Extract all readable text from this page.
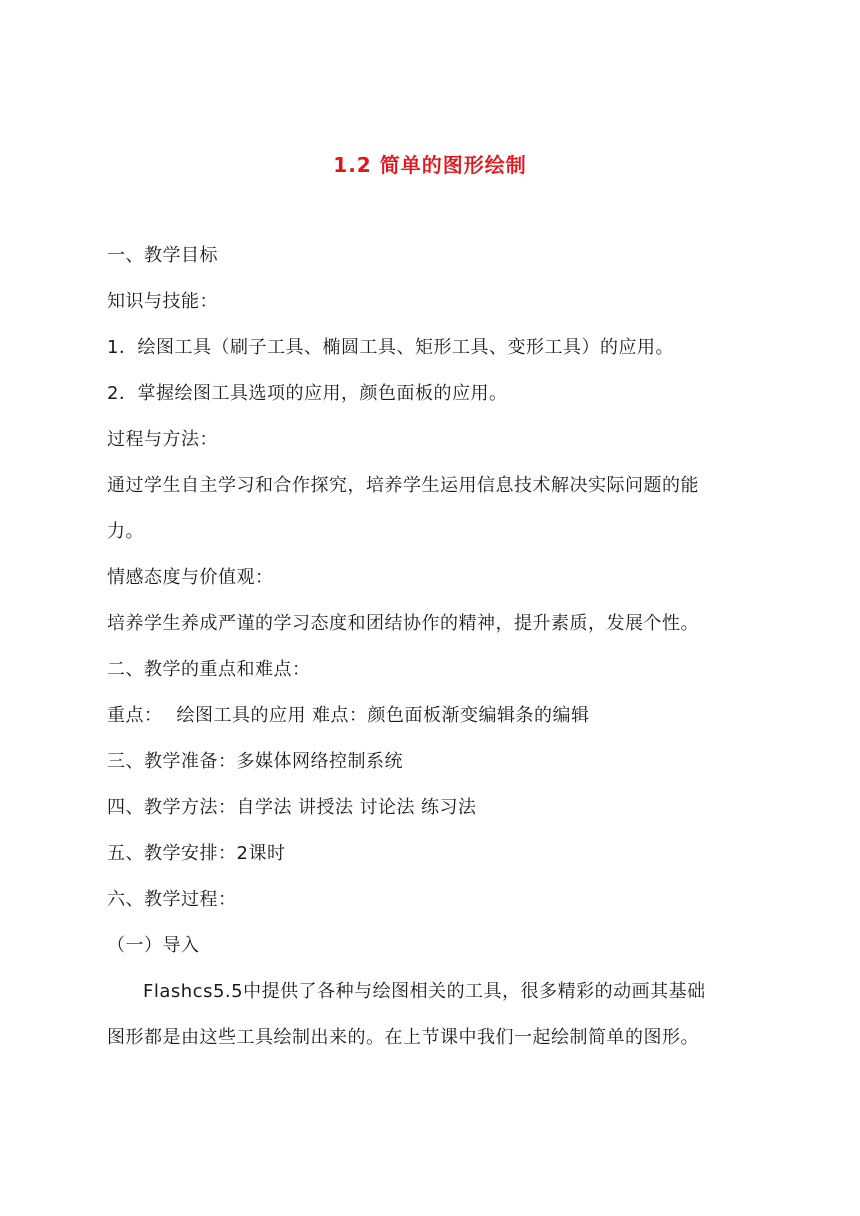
1.2 简单的图形绘制
一、教学目标
知识与技能：
1．绘图工具（刷子工具、椭圆工具、矩形工具、变形工具）的应用。
2．掌握绘图工具选项的应用，颜色面板的应用。
过程与方法：
通过学生自主学习和合作探究，培养学生运用信息技术解决实际问题的能
力。
情感态度与价值观：
培养学生养成严谨的学习态度和团结协作的精神，提升素质，发展个性。
二、教学的重点和难点：
重点： 绘图工具的应用 难点：颜色面板渐变编辑条的编辑
三、教学准备：多媒体网络控制系统
四、教学方法：自学法 讲授法 讨论法 练习法
五、教学安排：2课时
六、教学过程：
（一）导入
Flashcs5.5中提供了各种与绘图相关的工具，很多精彩的动画其基础
图形都是由这些工具绘制出来的。在上节课中我们一起绘制简单的图形。
